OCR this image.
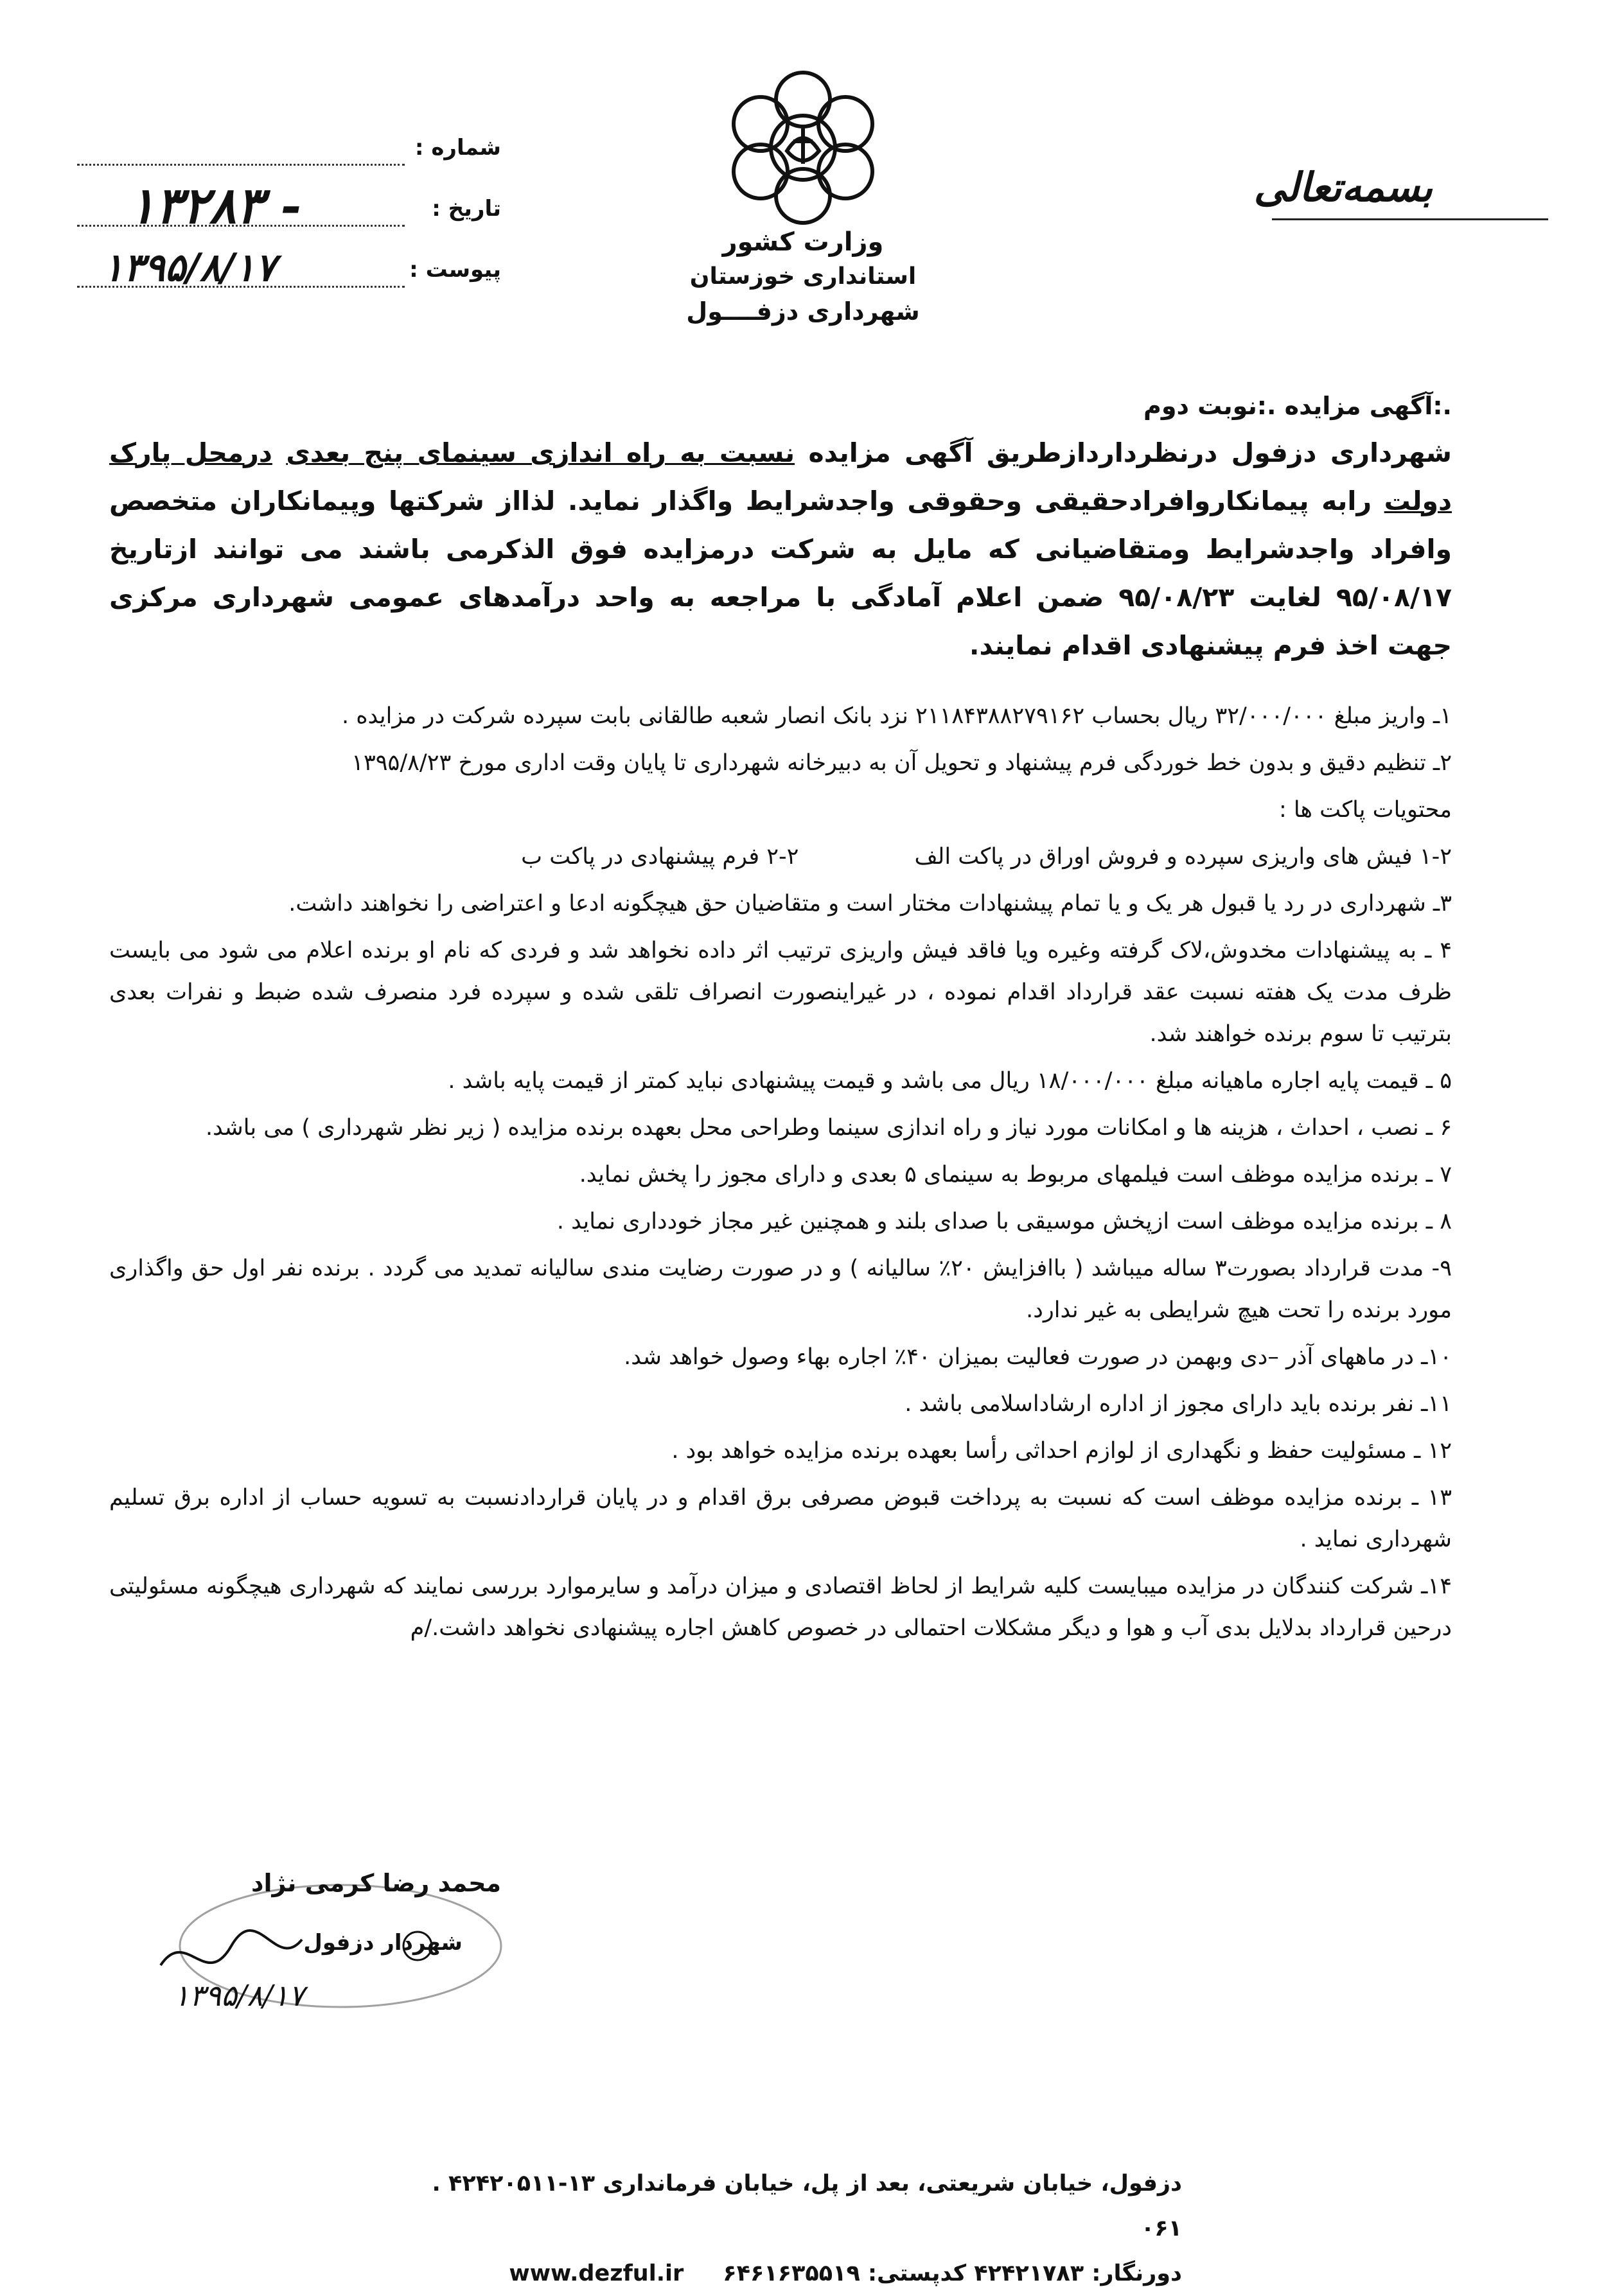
بسمه‌تعالی
وزارت کشور
استانداری خوزستان
شهرداری دزفــــول
شماره :
تاریخ :
۱۳۲۸۳ -
پیوست :
۱۳۹۵/۸/۱۷
.:آگهی مزایده .:نوبت دوم

شهرداری دزفول درنظرداردازطریق آگهی مزایده نسبت به راه اندازی سینمای پنج بعدی درمحل پارک دولت رابه پیمانکاروافرادحقیقی وحقوقی واجدشرایط واگذار نماید. لذااز شرکتها وپیمانکاران متخصص وافراد واجدشرایط ومتقاضیانی که مایل به شرکت درمزایده فوق الذکرمی باشند می توانند ازتاریخ ۹۵/۰۸/۱۷ لغایت ۹۵/۰۸/۲۳ ضمن اعلام آمادگی با مراجعه به واحد درآمدهای عمومی شهرداری مرکزی جهت اخذ فرم پیشنهادی اقدام نمایند.

۱ـ واریز مبلغ ۳۲/۰۰۰/۰۰۰ ریال بحساب ۲۱۱۸۴۳۸۸۲۷۹۱۶۲ نزد بانک انصار شعبه طالقانی بابت سپرده شرکت در مزایده .
۲ـ تنظیم دقیق و بدون خط خوردگی فرم پیشنهاد و تحویل آن به دبیرخانه شهرداری تا پایان وقت اداری مورخ ۱۳۹۵/۸/۲۳
محتویات پاکت ها :
۱-۲ فیش های واریزی سپرده و فروش اوراق در پاکت الف
۲-۲ فرم پیشنهادی در پاکت ب
۳ـ شهرداری در رد یا قبول هر یک و یا تمام پیشنهادات مختار است و متقاضیان حق هیچگونه ادعا و اعتراضی را نخواهند داشت.
۴ ـ به پیشنهادات مخدوش،لاک گرفته وغیره ویا فاقد فیش واریزی ترتیب اثر داده نخواهد شد و فردی که نام او برنده اعلام می شود می بایست ظرف مدت یک هفته نسبت عقد قرارداد اقدام نموده ، در غیراینصورت انصراف تلقی شده و سپرده فرد منصرف شده ضبط و نفرات بعدی بترتیب تا سوم برنده خواهند شد.
۵ ـ قیمت پایه اجاره ماهیانه مبلغ ۱۸/۰۰۰/۰۰۰ ریال می باشد و قیمت پیشنهادی نباید کمتر از قیمت پایه باشد .
۶ ـ نصب ، احداث ، هزینه ها و امکانات مورد نیاز و راه اندازی سینما وطراحی محل بعهده برنده مزایده ( زیر نظر شهرداری ) می باشد.
۷ ـ برنده مزایده موظف است فیلمهای مربوط به سینمای ۵ بعدی و دارای مجوز را پخش نماید.
۸ ـ برنده مزایده موظف است ازپخش موسیقی با صدای بلند و همچنین غیر مجاز خودداری نماید .
۹- مدت قرارداد بصورت۳ ساله میباشد ( باافزایش ۲۰٪ سالیانه ) و در صورت رضایت مندی سالیانه تمدید می گردد . برنده نفر اول حق واگذاری مورد برنده را تحت هیچ شرایطی به غیر ندارد.
۱۰ـ در ماههای آذر –دی وبهمن در صورت فعالیت بمیزان ۴۰٪ اجاره بهاء وصول خواهد شد.
۱۱ـ نفر برنده باید دارای مجوز از اداره ارشاداسلامی باشد .
۱۲ ـ مسئولیت حفظ و نگهداری از لوازم احداثی رأسا بعهده برنده مزایده خواهد بود .
۱۳ ـ برنده مزایده موظف است که نسبت به پرداخت قبوض مصرفی برق اقدام و در پایان قراردادنسبت به تسویه حساب از اداره برق تسلیم شهرداری نماید .
۱۴ـ شرکت کنندگان در مزایده میبایست کلیه شرایط از لحاظ اقتصادی و میزان درآمد و سایرموارد بررسی نمایند که شهرداری هیچگونه مسئولیتی درحین قرارداد بدلایل بدی آب و هوا و دیگر مشکلات احتمالی در خصوص کاهش اجاره پیشنهادی نخواهد داشت./م
محمد رضا کرمی نژاد
شهردار دزفول
۱۳۹۵/۸/۱۷
دزفول، خیابان شریعتی، بعد از پل، خیابان فرمانداری ۱۳-۴۲۴۲۰۵۱۱ . ۰۶۱
دورنگار: ۴۲۴۲۱۷۸۳ کدپستی: ۶۴۶۱۶۳۵۵۱۹     www.dezful.ir
